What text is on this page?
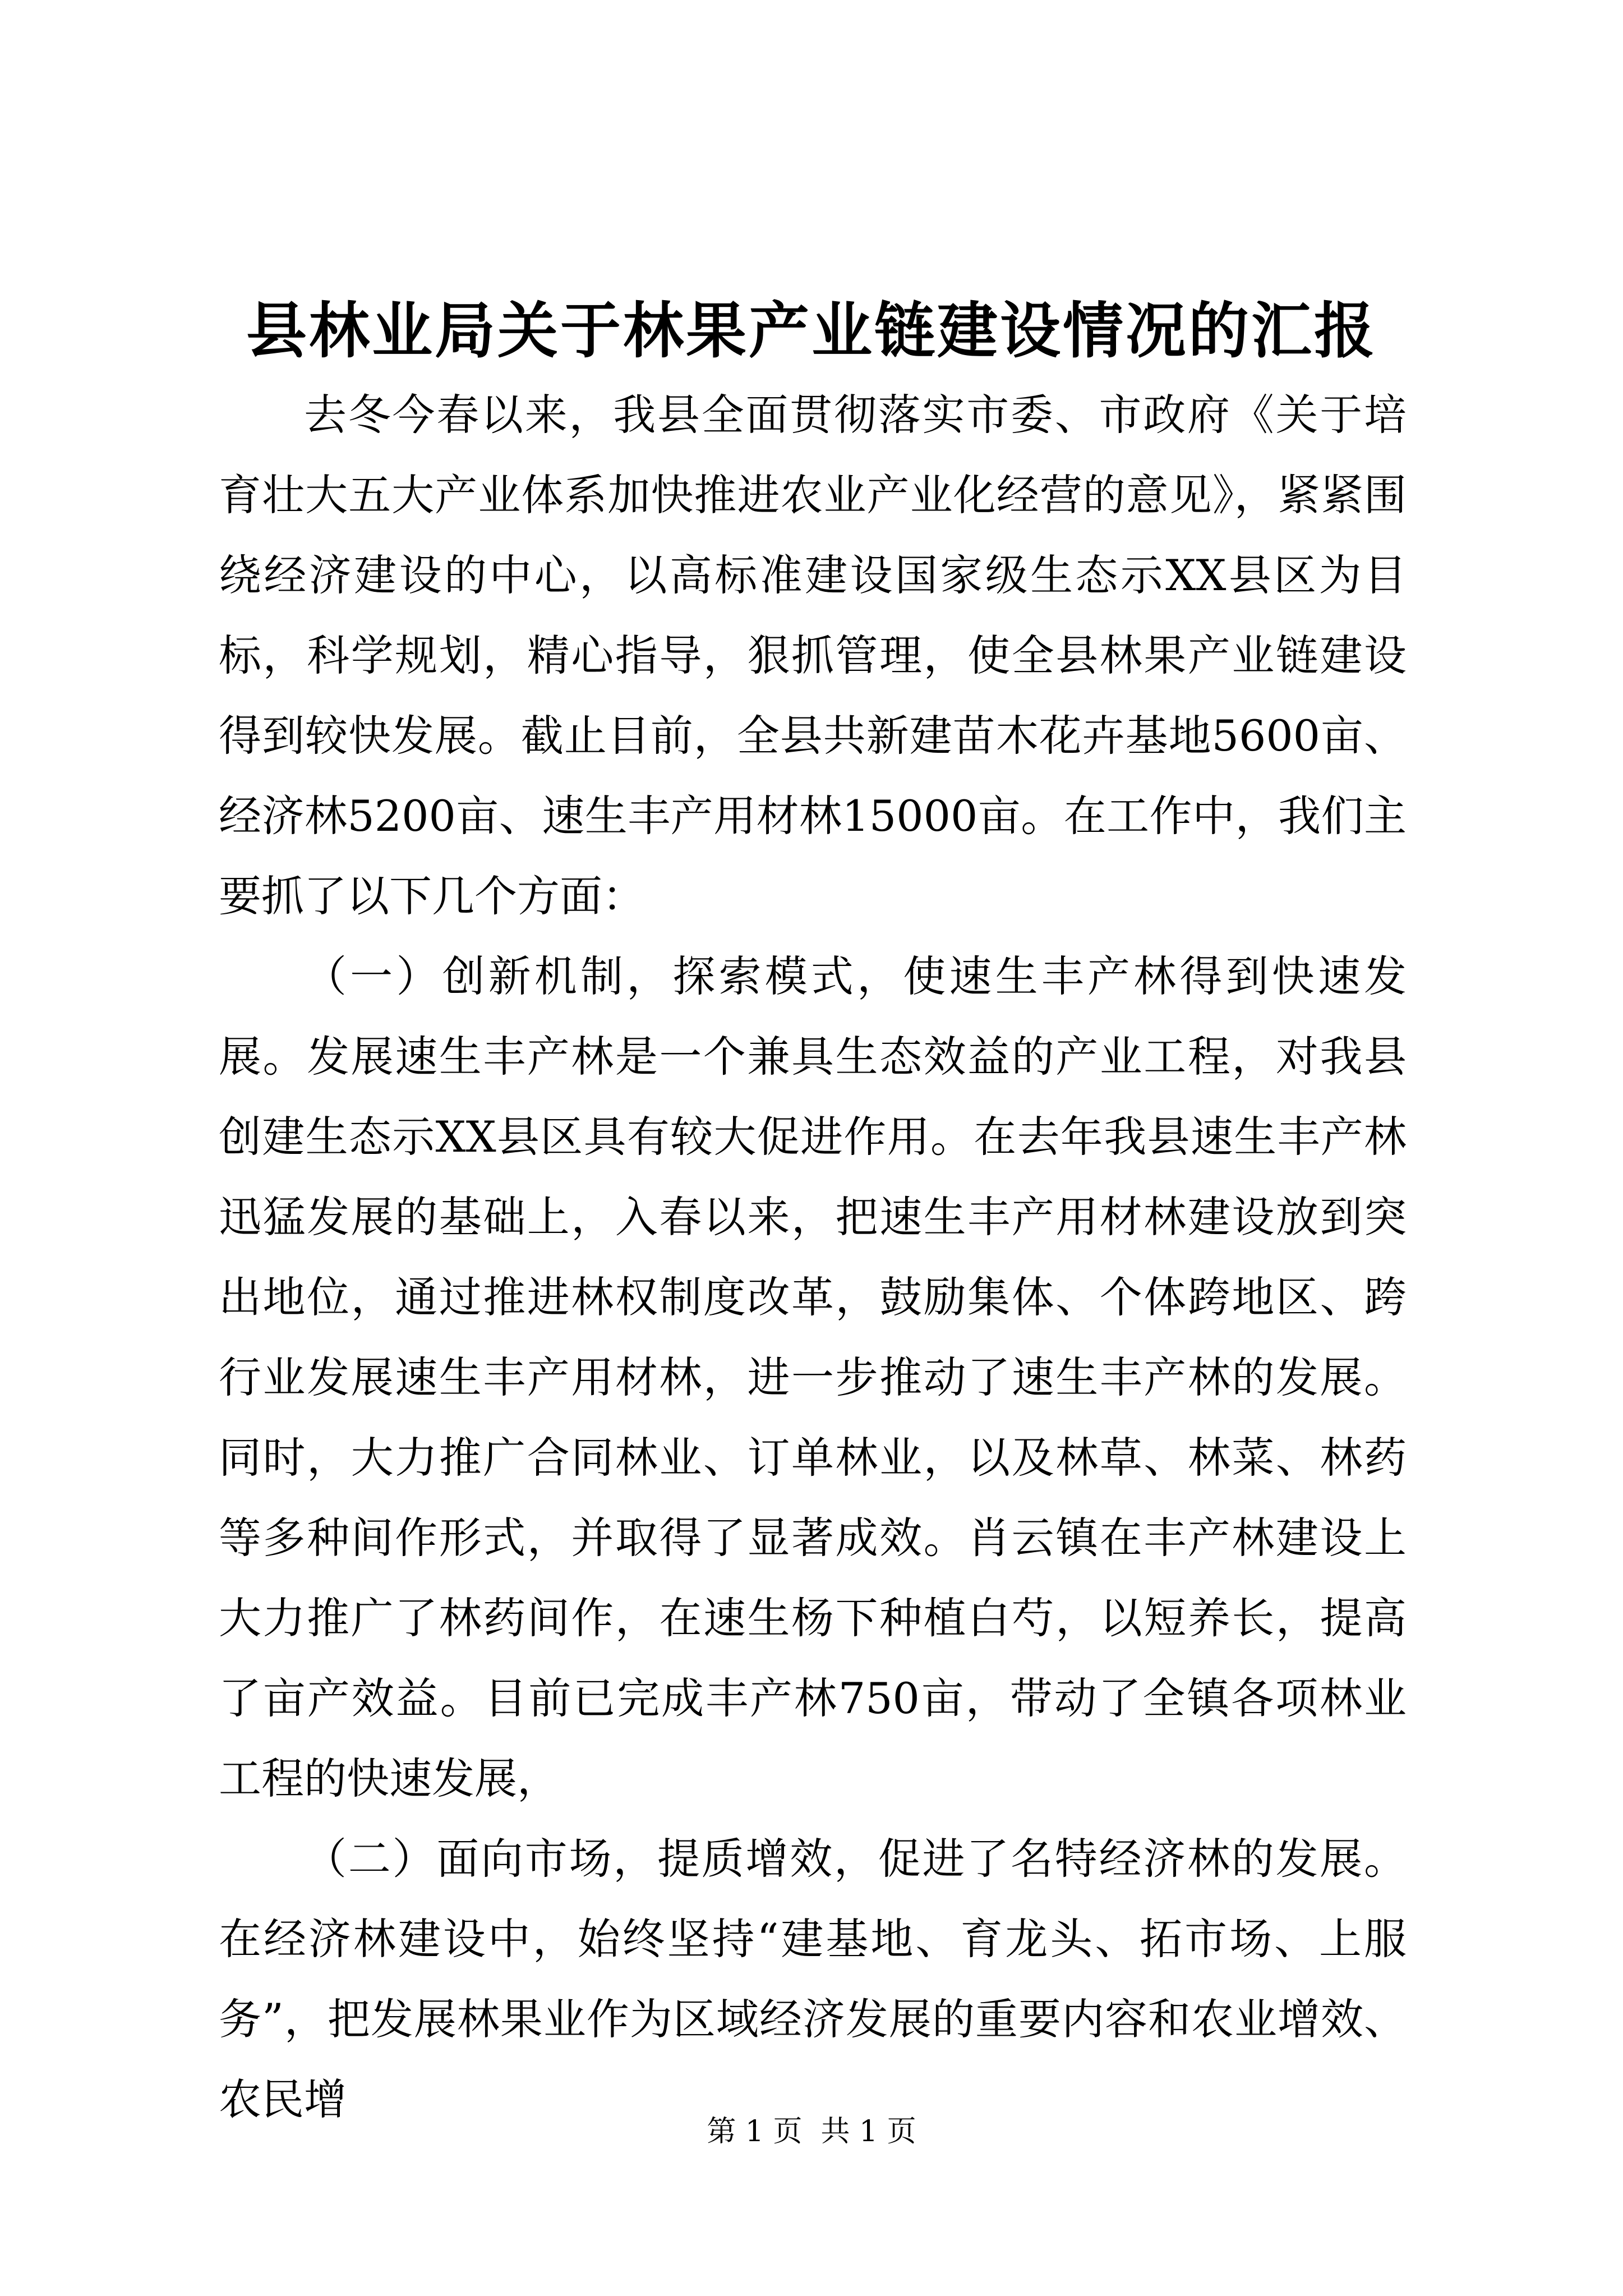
县林业局关于林果产业链建设情况的汇报

去冬今春以来，我县全面贯彻落实市委、市政府《关于培育壮大五大产业体系加快推进农业产业化经营的意见》，紧紧围绕经济建设的中心，以高标准建设国家级生态示XX县区为目标，科学规划，精心指导，狠抓管理，使全县林果产业链建设得到较快发展。截止目前，全县共新建苗木花卉基地5600亩、经济林5200亩、速生丰产用材林15000亩。在工作中，我们主要抓了以下几个方面：

（一）创新机制，探索模式，使速生丰产林得到快速发展。发展速生丰产林是一个兼具生态效益的产业工程，对我县创建生态示XX县区具有较大促进作用。在去年我县速生丰产林迅猛发展的基础上，入春以来，把速生丰产用材林建设放到突出地位，通过推进林权制度改革，鼓励集体、个体跨地区、跨行业发展速生丰产用材林，进一步推动了速生丰产林的发展。同时，大力推广合同林业、订单林业，以及林草、林菜、林药等多种间作形式，并取得了显著成效。肖云镇在丰产林建设上大力推广了林药间作，在速生杨下种植白芍，以短养长，提高了亩产效益。目前已完成丰产林750亩，带动了全镇各项林业工程的快速发展，

（二）面向市场，提质增效，促进了名特经济林的发展。在经济林建设中，始终坚持“建基地、育龙头、拓市场、上服务”，把发展林果业作为区域经济发展的重要内容和农业增效、农民增

第 1 页  共 1 页
